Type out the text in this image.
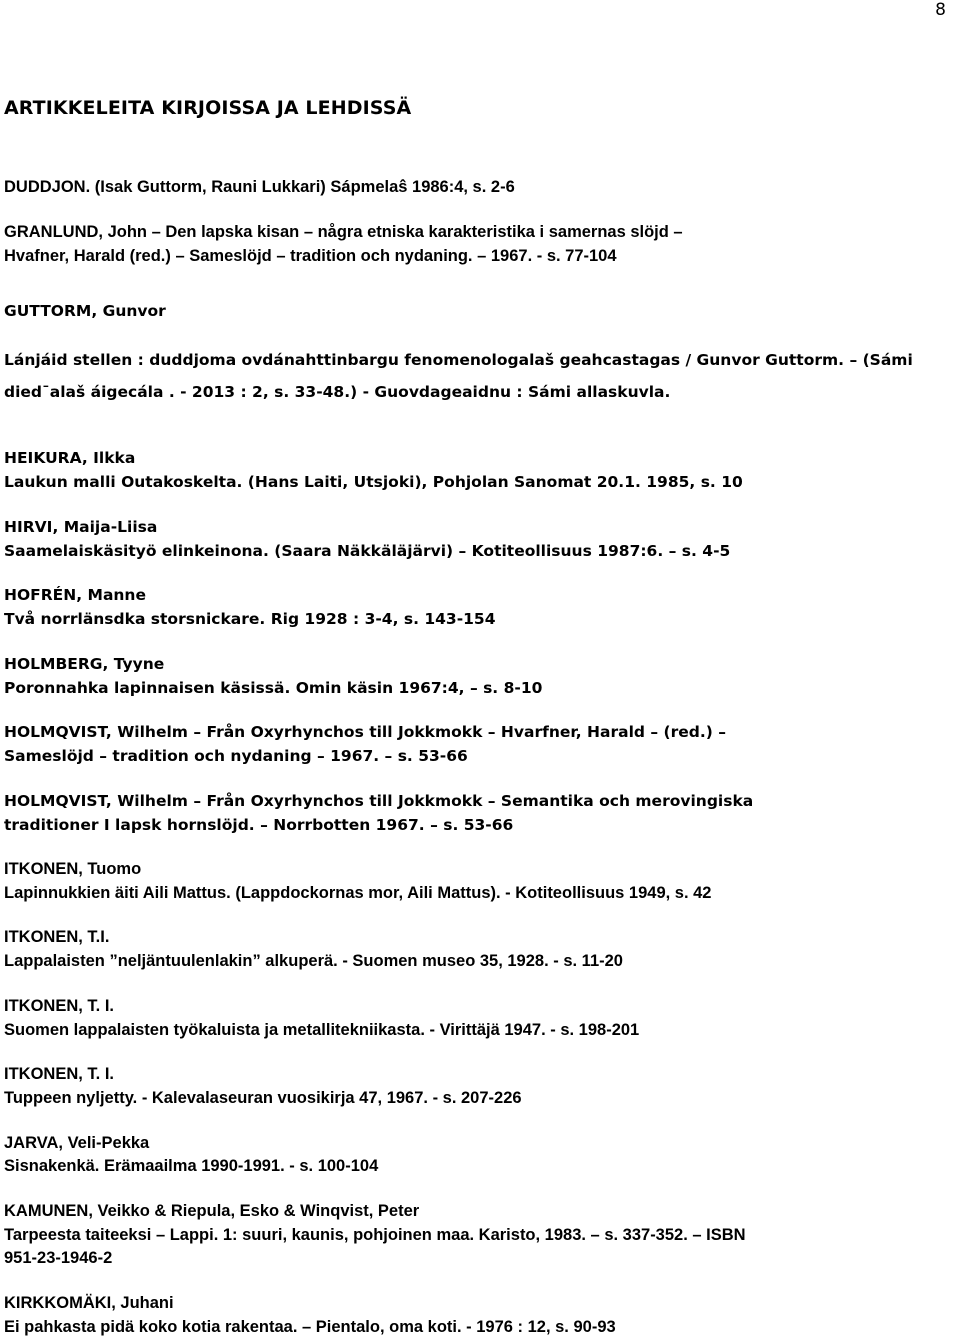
8
ARTIKKELEITA KIRJOISSA JA LEHDISSÄ
DUDDJON. (Isak Guttorm, Rauni Lukkari) Sápmelaŝ 1986:4, s. 2-6
GRANLUND, John – Den lapska kisan – några etniska karakteristika i samernas slöjd –
Hvafner, Harald (red.) – Sameslöjd – tradition och nydaning. – 1967. - s. 77-104
GUTTORM, Gunvor
Lánjáid stellen : duddjoma ovdánahttinbargu fenomenologalaš geahcastagas / Gunvor Guttorm. – (Sámi
died¯alaš áigecála . - 2013 : 2, s. 33-48.) - Guovdageaidnu : Sámi allaskuvla.
HEIKURA, Ilkka
Laukun malli Outakoskelta. (Hans Laiti, Utsjoki), Pohjolan Sanomat 20.1. 1985, s. 10
HIRVI, Maija-Liisa
Saamelaiskäsityö elinkeinona. (Saara Näkkäläjärvi) – Kotiteollisuus 1987:6. – s. 4-5
HOFRÉN, Manne
Två norrlänsdka storsnickare. Rig 1928 : 3-4, s. 143-154
HOLMBERG, Tyyne
Poronnahka lapinnaisen käsissä. Omin käsin 1967:4, – s. 8-10
HOLMQVIST, Wilhelm – Från Oxyrhynchos till Jokkmokk – Hvarfner, Harald – (red.) –
Sameslöjd – tradition och nydaning – 1967. – s. 53-66
HOLMQVIST, Wilhelm – Från Oxyrhynchos till Jokkmokk – Semantika och merovingiska
traditioner I lapsk hornslöjd. – Norrbotten 1967. – s. 53-66
ITKONEN, Tuomo
Lapinnukkien äiti Aili Mattus. (Lappdockornas mor, Aili Mattus). - Kotiteollisuus 1949, s. 42
ITKONEN, T.I.
Lappalaisten ”neljäntuulenlakin” alkuperä. - Suomen museo 35, 1928. - s. 11-20
ITKONEN, T. I.
Suomen lappalaisten työkaluista ja metallitekniikasta. - Virittäjä 1947. - s. 198-201
ITKONEN, T. I.
Tuppeen nyljetty. - Kalevalaseuran vuosikirja 47, 1967. - s. 207-226
JARVA, Veli-Pekka
Sisnakenkä. Erämaailma 1990-1991. - s. 100-104
KAMUNEN, Veikko & Riepula, Esko & Winqvist, Peter
Tarpeesta taiteeksi – Lappi. 1: suuri, kaunis, pohjoinen maa. Karisto, 1983. – s. 337-352. – ISBN
951-23-1946-2
KIRKKOMÄKI, Juhani
Ei pahkasta pidä koko kotia rakentaa. – Pientalo, oma koti. - 1976 : 12, s. 90-93
